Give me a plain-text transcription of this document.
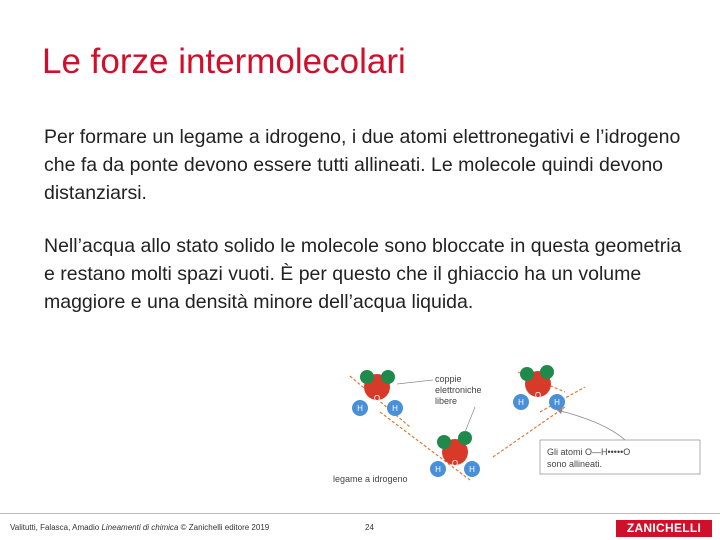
Le forze intermolecolari

Per formare un legame a idrogeno, i due atomi elettronegativi e l’idrogeno che fa da ponte devono essere tutti allineati. Le molecole quindi devono distanziarsi.

Nell’acqua allo stato solido le molecole sono bloccate in questa geometria e restano molti spazi vuoti. È per questo che il ghiaccio ha un volume maggiore e una densità minore dell’acqua liquida.

O
H	H
O
H	H
O
H	H
coppie
elettroniche
libere
legame a idrogeno
Gli atomi O—H•••••O
sono allineati.
Valitutti, Falasca, Amadio Lineamenti di chimica © Zanichelli editore 2019	24	ZANICHELLI
